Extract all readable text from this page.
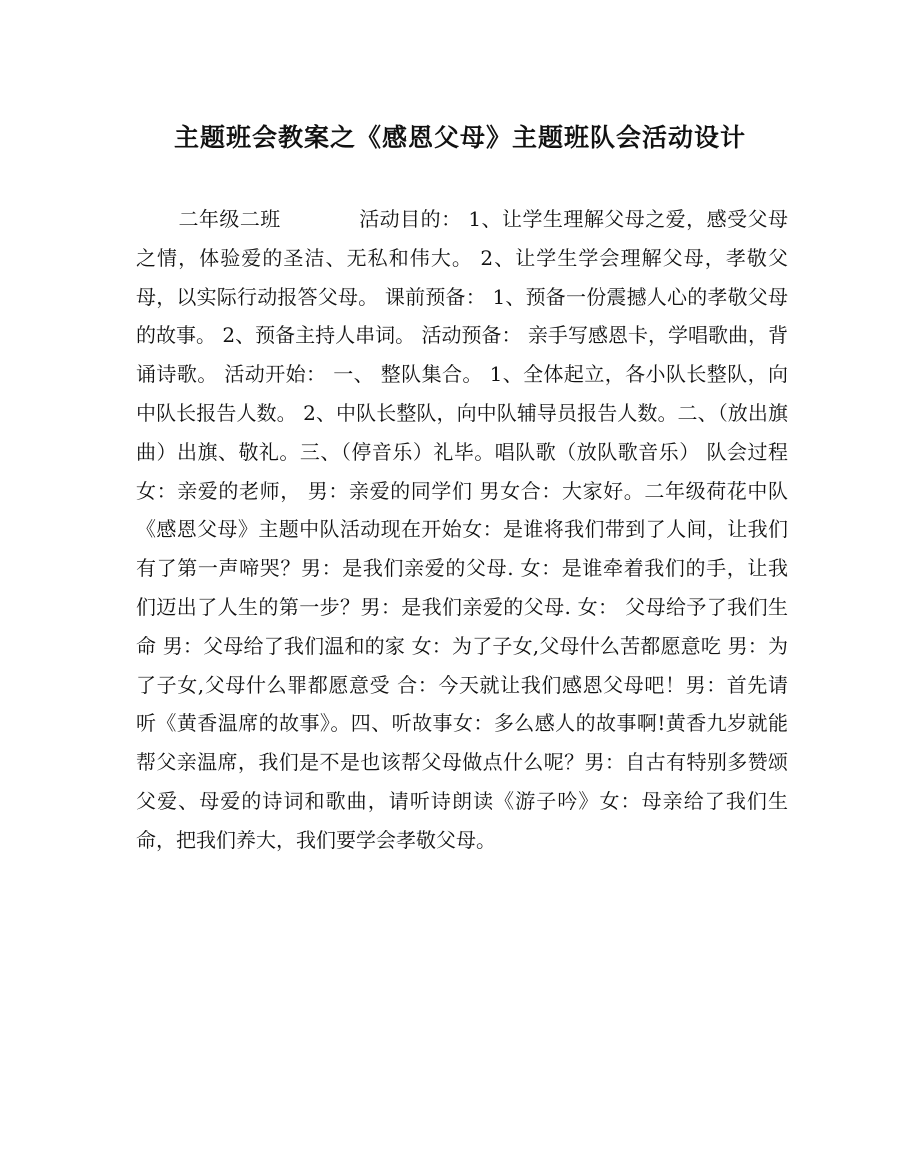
主题班会教案之《感恩父母》主题班队会活动设计

二年级二班	活动目的： 1、让学生理解父母之爱，感受父母之情，体验爱的圣洁、无私和伟大。 2、让学生学会理解父母，孝敬父母，以实际行动报答父母。 课前预备： 1、预备一份震撼人心的孝敬父母的故事。 2、预备主持人串词。 活动预备： 亲手写感恩卡，学唱歌曲，背诵诗歌。 活动开始： 一、 整队集合。 1、全体起立，各小队长整队，向中队长报告人数。 2、中队长整队，向中队辅导员报告人数。二、（放出旗曲）出旗、敬礼。三、（停音乐）礼毕。唱队歌（放队歌音乐） 队会过程 女：亲爱的老师， 男：亲爱的同学们 男女合：大家好。二年级荷花中队《感恩父母》主题中队活动现在开始女：是谁将我们带到了人间，让我们有了第一声啼哭？男：是我们亲爱的父母. 女：是谁牵着我们的手，让我们迈出了人生的第一步？男：是我们亲爱的父母. 女： 父母给予了我们生命 男：父母给了我们温和的家 女：为了子女,父母什么苦都愿意吃 男：为了子女,父母什么罪都愿意受 合：今天就让我们感恩父母吧！男：首先请听《黄香温席的故事》。四、听故事女：多么感人的故事啊!黄香九岁就能帮父亲温席，我们是不是也该帮父母做点什么呢？男：自古有特别多赞颂父爱、母爱的诗词和歌曲，请听诗朗读《游子吟》女：母亲给了我们生命，把我们养大，我们要学会孝敬父母。
